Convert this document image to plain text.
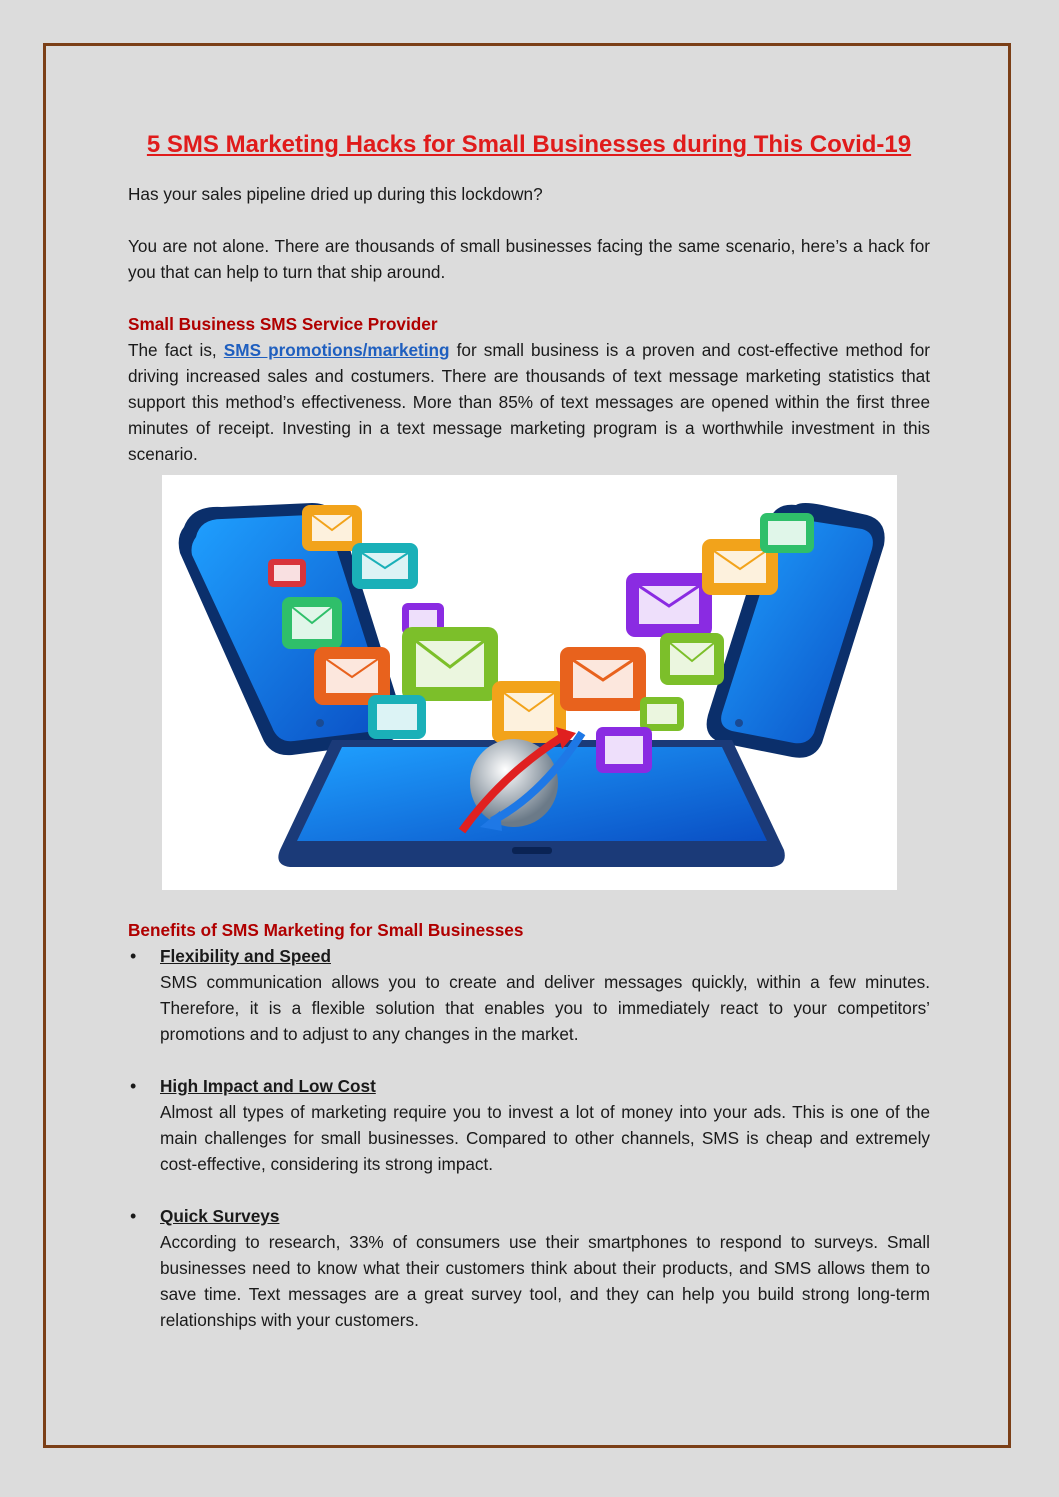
5 SMS Marketing Hacks for Small Businesses during This Covid-19

Has your sales pipeline dried up during this lockdown?

You are not alone. There are thousands of small businesses facing the same scenario, here’s a hack for you that can help to turn that ship around.

Small Business SMS Service Provider

The fact is, SMS promotions/marketing for small business is a proven and cost-effective method for driving increased sales and costumers. There are thousands of text message marketing statistics that support this method’s effectiveness. More than 85% of text messages are opened within the first three minutes of receipt. Investing in a text message marketing program is a worthwhile investment in this scenario.

Benefits of SMS Marketing for Small Businesses

• Flexibility and Speed

SMS communication allows you to create and deliver messages quickly, within a few minutes. Therefore, it is a flexible solution that enables you to immediately react to your competitors’ promotions and to adjust to any changes in the market.

• High Impact and Low Cost

Almost all types of marketing require you to invest a lot of money into your ads. This is one of the main challenges for small businesses. Compared to other channels, SMS is cheap and extremely cost-effective, considering its strong impact.

• Quick Surveys

According to research, 33% of consumers use their smartphones to respond to surveys. Small businesses need to know what their customers think about their products, and SMS allows them to save time. Text messages are a great survey tool, and they can help you build strong long-term relationships with your customers.
